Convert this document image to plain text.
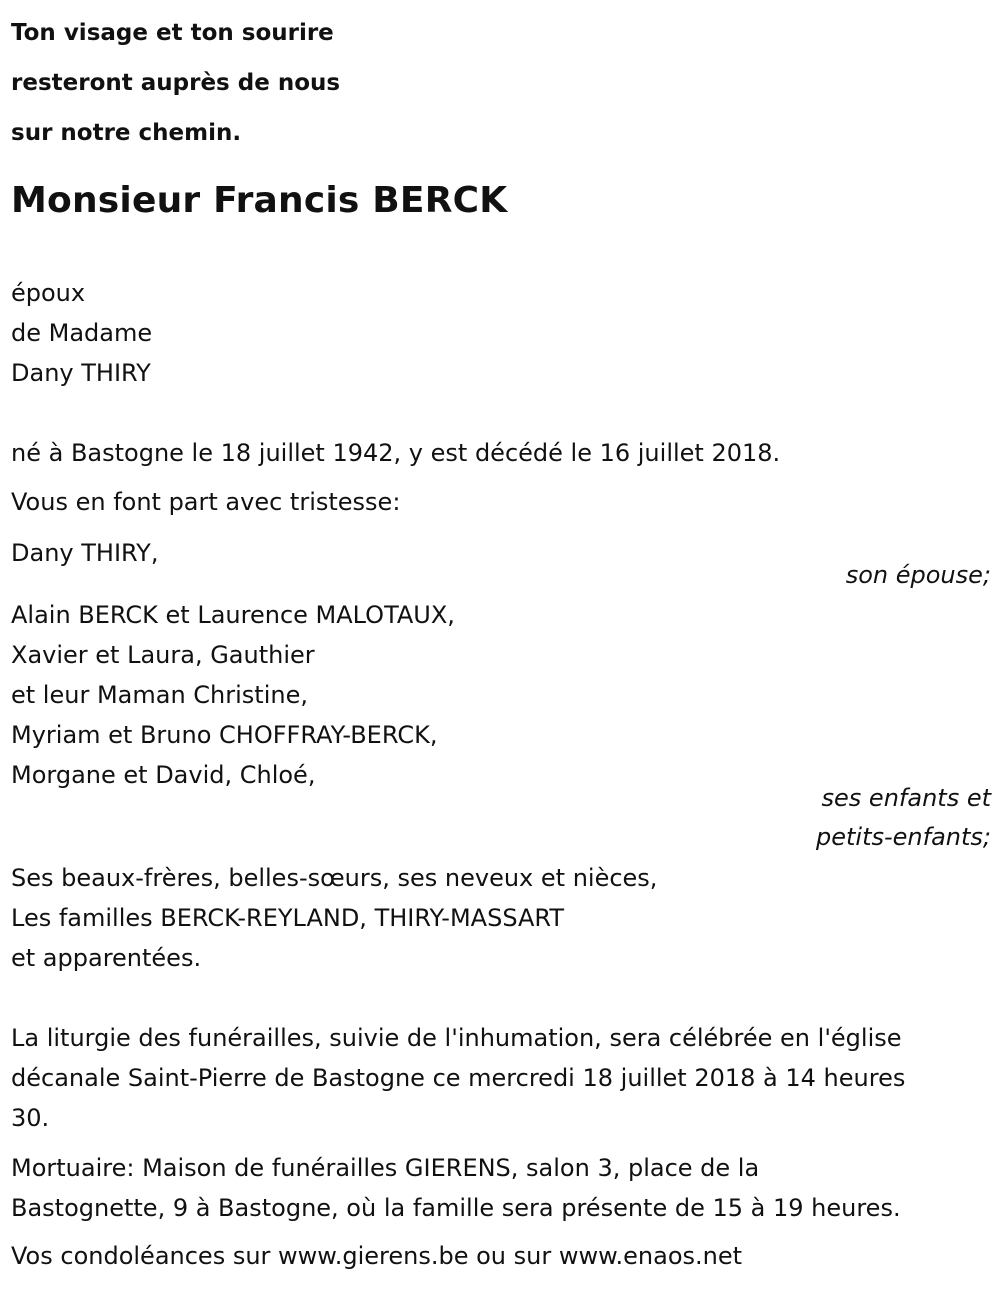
Ton visage et ton sourire
resteront auprès de nous
sur notre chemin.
Monsieur Francis BERCK
époux
de Madame
Dany THIRY
né à Bastogne le 18 juillet 1942, y est décédé le 16 juillet 2018.
Vous en font part avec tristesse:
Dany THIRY,
son épouse;
Alain BERCK et Laurence MALOTAUX,
Xavier et Laura, Gauthier
et leur Maman Christine,
Myriam et Bruno CHOFFRAY-BERCK,
Morgane et David, Chloé,
ses enfants et
petits-enfants;
Ses beaux-frères, belles-sœurs, ses neveux et nièces,
Les familles BERCK-REYLAND, THIRY-MASSART
et apparentées.
La liturgie des funérailles, suivie de l'inhumation, sera célébrée en l'église
décanale Saint-Pierre de Bastogne ce mercredi 18 juillet 2018 à 14 heures
30.
Mortuaire: Maison de funérailles GIERENS, salon 3, place de la
Bastognette, 9 à Bastogne, où la famille sera présente de 15 à 19 heures.
Vos condoléances sur www.gierens.be ou sur www.enaos.net
